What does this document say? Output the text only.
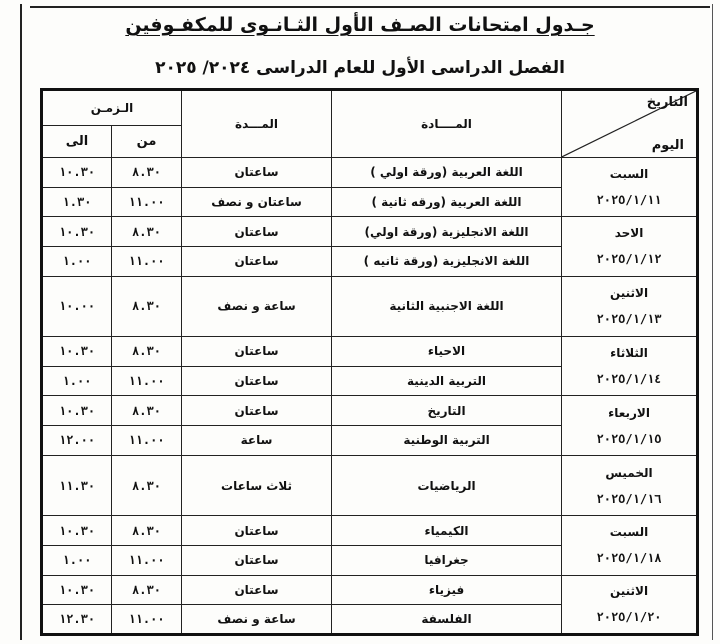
جـدول امتحانات الصـف الأول الثـانـوى للمكفـوفين
الفصل الدراسى الأول للعام الدراسى ٢٠٢٤/ ٢٠٢٥
الـزمـن		المـــدة	المــــادة	التاريخ
اليوم

الى	من			
١٠.٣٠	٨.٣٠	ساعتان	اللغة العربية (ورقة اولي )	السبت
٢٠٢٥/١/١١

١.٣٠	١١.٠٠	ساعتان و نصف	اللغة العربية (ورقه ثانية )	
١٠.٣٠	٨.٣٠	ساعتان	اللغة الانجليزية (ورقة اولي)	الاحد
٢٠٢٥/١/١٢

١.٠٠	١١.٠٠	ساعتان	اللغة الانجليزية (ورقة ثانيه )	
١٠.٠٠	٨.٣٠	ساعة و نصف	اللغة الاجنبية الثانية	الاثنين
٢٠٢٥/١/١٣

١٠.٣٠	٨.٣٠	ساعتان	الاحياء	الثلاثاء
٢٠٢٥/١/١٤

١.٠٠	١١.٠٠	ساعتان	التربية الدينية	
١٠.٣٠	٨.٣٠	ساعتان	التاريخ	الاربعاء
٢٠٢٥/١/١٥

١٢.٠٠	١١.٠٠	ساعة	التربية الوطنية	
١١.٣٠	٨.٣٠	ثلاث ساعات	الرياضيات	الخميس
٢٠٢٥/١/١٦

١٠.٣٠	٨.٣٠	ساعتان	الكيمياء	السبت
٢٠٢٥/١/١٨

١.٠٠	١١.٠٠	ساعتان	جغرافيا	
١٠.٣٠	٨.٣٠	ساعتان	فيزياء	الاثنين
٢٠٢٥/١/٢٠

١٢.٣٠	١١.٠٠	ساعة و نصف	الفلسفة	
